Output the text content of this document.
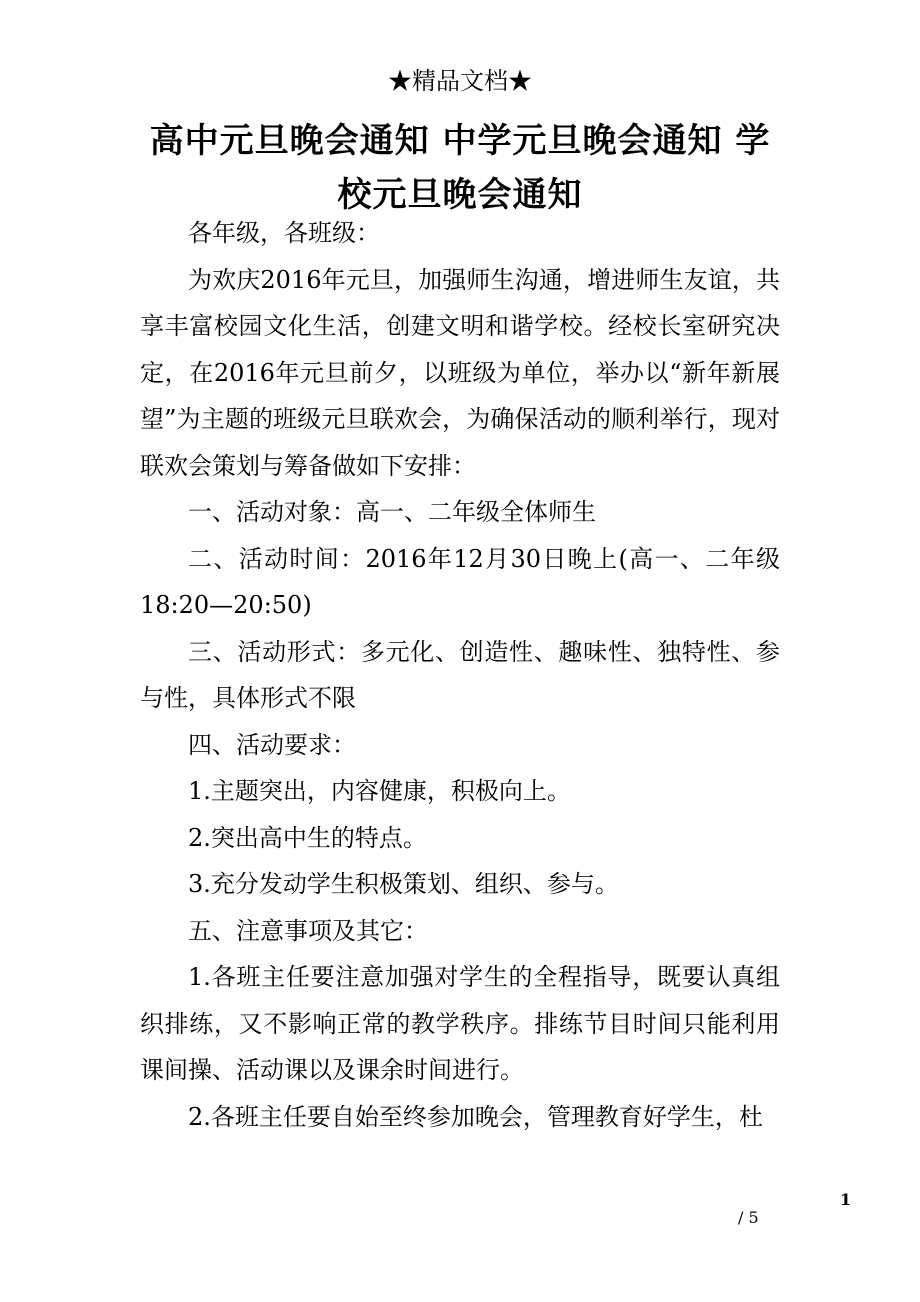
★精品文档★
高中元旦晚会通知 中学元旦晚会通知 学校元旦晚会通知

各年级，各班级：

为欢庆2016年元旦，加强师生沟通，增进师生友谊，共享丰富校园文化生活，创建文明和谐学校。经校长室研究决定，在2016年元旦前夕，以班级为单位，举办以“新年新展望”为主题的班级元旦联欢会，为确保活动的顺利举行，现对联欢会策划与筹备做如下安排：

一、活动对象：高一、二年级全体师生

二、活动时间：2016年12月30日晚上(高一、二年级18:20—20:50)

三、活动形式：多元化、创造性、趣味性、独特性、参与性，具体形式不限

四、活动要求：

1.主题突出，内容健康，积极向上。

2.突出高中生的特点。

3.充分发动学生积极策划、组织、参与。

五、注意事项及其它：

1.各班主任要注意加强对学生的全程指导，既要认真组织排练，又不影响正常的教学秩序。排练节目时间只能利用课间操、活动课以及课余时间进行。

2.各班主任要自始至终参加晚会，管理教育好学生，杜

1
/ 5
